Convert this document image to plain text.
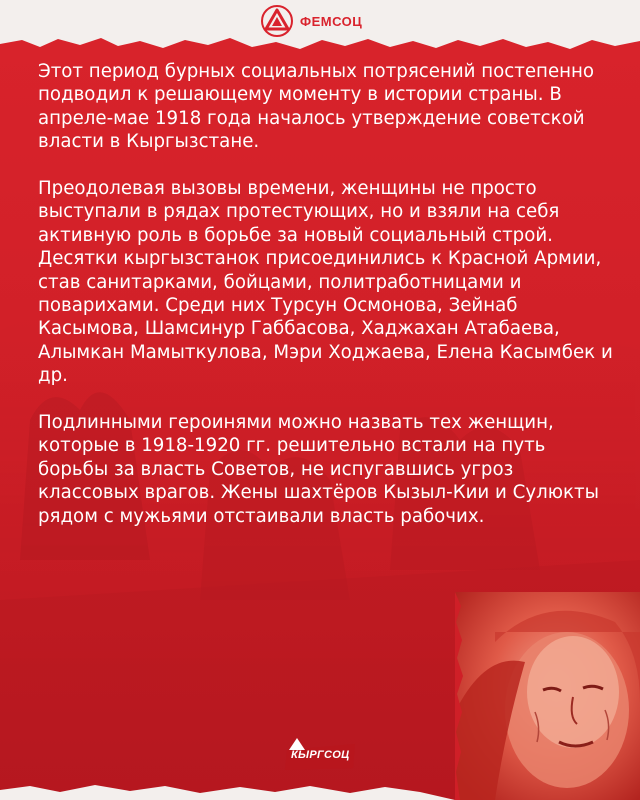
ФЕМСОЦ

Этот период бурных социальных потрясений постепенно подводил к решающему моменту в истории страны. В апреле-мае 1918 года началось утверждение советской власти в Кыргызстане.

Преодолевая вызовы времени, женщины не просто выступали в рядах протестующих, но и взяли на себя активную роль в борьбе за новый социальный строй. Десятки кыргызстанок присоединились к Красной Армии, став санитарками, бойцами, политработницами и поварихами. Среди них Турсун Осмонова, Зейнаб Касымова, Шамсинур Габбасова, Хаджахан Атабаева, Алымкан Мамыткулова, Мэри Ходжаева, Елена Касымбек и др.

Подлинными героинями можно назвать тех женщин, которые в 1918-1920 гг. решительно встали на путь борьбы за власть Советов, не испугавшись угроз классовых врагов. Жены шахтёров Кызыл-Кии и Сулюкты рядом с мужьями отстаивали власть рабочих.

КЫРГСОЦ
